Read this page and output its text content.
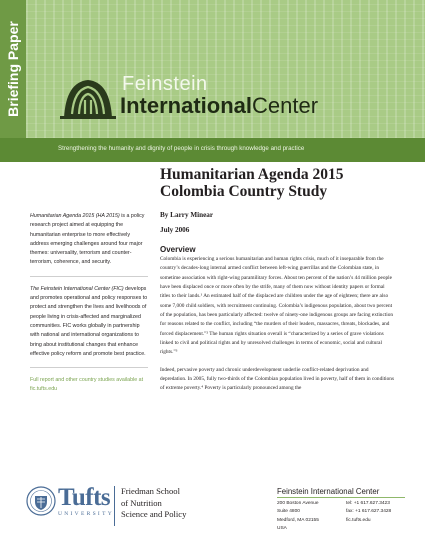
Briefing Paper	Feinstein
InternationalCenter
Strengthening the humanity and dignity of people in crisis through knowledge and practice

Humanitarian Agenda 2015 (HA 2015) is a policy research project aimed at equipping the humanitarian enterprise to more effectively address emerging challenges around four major themes: universality, terrorism and counter-terrorism, coherence, and security.

The Feinstein International Center (FIC) develops and promotes operational and policy responses to protect and strengthen the lives and livelihoods of people living in crisis-affected and marginalized communities. FIC works globally in partnership with national and international organizations to bring about institutional changes that enhance effective policy reform and promote best practice.

Full report and other country studies available at fic.tufts.edu

Humanitarian Agenda 2015
Colombia Country Study
By Larry Minear
July 2006
Overview

Colombia is experiencing a serious humanitarian and human rights crisis, much of it inseparable from the country’s decades-long internal armed conflict between left-wing guerrillas and the Colombian state, in sometime association with right-wing paramilitary forces. About ten percent of the nation’s 44 million people have been displaced once or more often by the strife, many of them now without identity papers or formal titles to their lands.¹ An estimated half of the displaced are children under the age of eighteen; there are also some 7,000 child soldiers, with recruitment continuing. Colombia’s indigenous population, about two percent of the population, has been particularly affected: twelve of ninety-one indigenous groups are facing extinction for reasons related to the conflict, including “the murders of their leaders, massacres, threats, blockades, and forced displacement.”² The human rights situation overall is “characterized by a series of grave violations linked to civil and political rights and by unresolved challenges in terms of economic, social and cultural rights.”³

Indeed, pervasive poverty and chronic underdevelopment underlie conflict-related deprivation and depredation. In 2005, fully two-thirds of the Colombian population lived in poverty, half of them in conditions of extreme poverty.⁴ Poverty is particularly pronounced among the

Tufts
UNIVERSITY
Friedman School
of Nutrition
Science and Policy
Feinstein International Center
200 Boston Avenue
Suite 4800
Medford, MA 02155
USA
tel: +1 617.627.3423
fax: +1 617.627.3428
fic.tufts.edu
